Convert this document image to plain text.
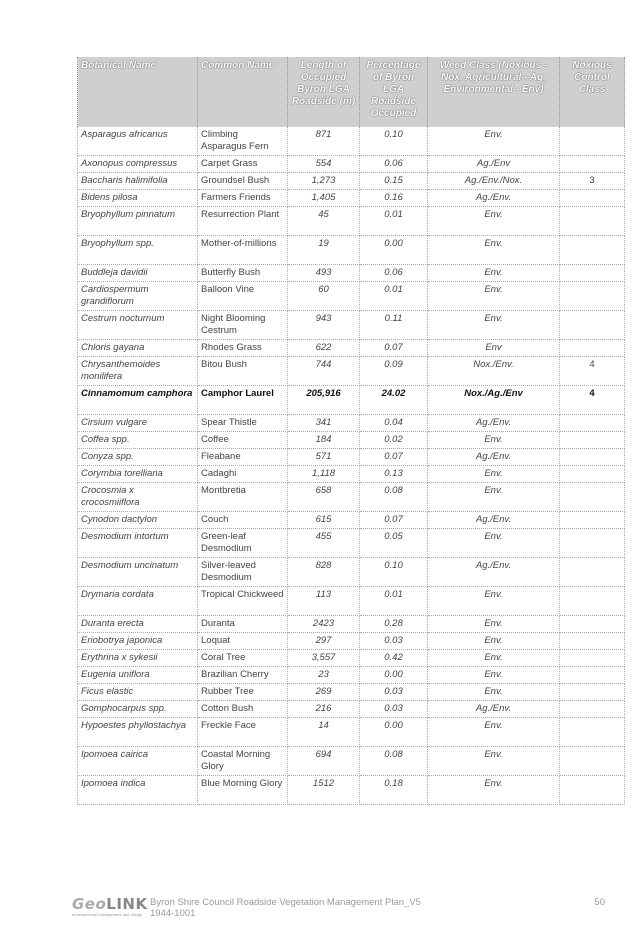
Botanical Name	Common Name	Length of Occupied Byron LGA Roadside (m)	Percentage of Byron LGA Roadside Occupied	Weed Class (Noxious - Nox, Agricultural - Ag, Environmental - Env)	Noxious Control Class
Asparagus africanus	Climbing Asparagus Fern	871	0.10	Env.	
Axonopus compressus	Carpet Grass	554	0.06	Ag./Env	
Baccharis halimifolia	Groundsel Bush	1,273	0.15	Ag./Env./Nox.	3
Bidens pilosa	Farmers Friends	1,405	0.16	Ag./Env.	
Bryophyllum pinnatum	Resurrection Plant	45	0.01	Env.	
Bryophyllum spp.	Mother-of-millions	19	0.00	Env.	
Buddleja davidii	Butterfly Bush	493	0.06	Env.	
Cardiospermum grandiflorum	Balloon Vine	60	0.01	Env.	
Cestrum nocturnum	Night Blooming Cestrum	943	0.11	Env.	
Chloris gayana	Rhodes Grass	622	0.07	Env	
Chrysanthemoides monilifera	Bitou Bush	744	0.09	Nox./Env.	4
Cinnamomum camphora	Camphor Laurel	205,916	24.02	Nox./Ag./Env	4
Cirsium vulgare	Spear Thistle	341	0.04	Ag./Env.	
Coffea spp.	Coffee	184	0.02	Env.	
Conyza spp.	Fleabane	571	0.07	Ag./Env.	
Corymbia torelliana	Cadaghi	1,118	0.13	Env.	
Crocosmia x crocosmiiflora	Montbretia	658	0.08	Env.	
Cynodon dactylon	Couch	615	0.07	Ag./Env.	
Desmodium intortum	Green-leaf Desmodium	455	0.05	Env.	
Desmodium uncinatum	Silver-leaved Desmodium	828	0.10	Ag./Env.	
Drymaria cordata	Tropical Chickweed	113	0.01	Env.	
Duranta erecta	Duranta	2423	0.28	Env.	
Eriobotrya japonica	Loquat	297	0.03	Env.	
Erythrina x sykesii	Coral Tree	3,557	0.42	Env.	
Eugenia uniflora	Brazilian Cherry	23	0.00	Env.	
Ficus elastic	Rubber Tree	269	0.03	Env.	
Gomphocarpus spp.	Cotton Bush	216	0.03	Ag./Env.	
Hypoestes phyllostachya	Freckle Face	14	0.00	Env.	
Ipomoea cairica	Coastal Morning Glory	694	0.08	Env.	
Ipomoea indica	Blue Morning Glory	1512	0.18	Env.	
GeoLINK
environmental management and design
Byron Shire Council Roadside Vegetation Management Plan_V5
1944-1001
50
